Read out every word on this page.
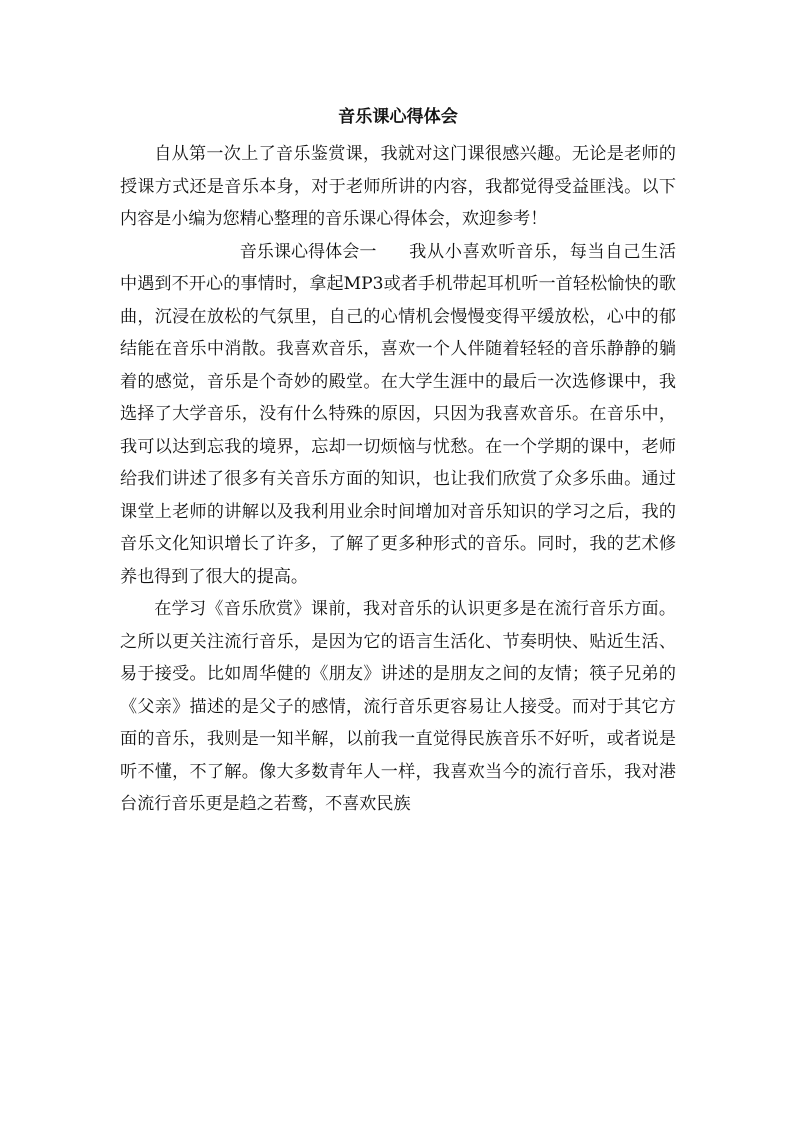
音乐课心得体会

自从第一次上了音乐鉴赏课，我就对这门课很感兴趣。无论是老师的授课方式还是音乐本身，对于老师所讲的内容，我都觉得受益匪浅。以下内容是小编为您精心整理的音乐课心得体会，欢迎参考！

音乐课心得体会一 我从小喜欢听音乐，每当自己生活中遇到不开心的事情时，拿起MP3或者手机带起耳机听一首轻松愉快的歌曲，沉浸在放松的气氛里，自己的心情机会慢慢变得平缓放松，心中的郁结能在音乐中消散。我喜欢音乐，喜欢一个人伴随着轻轻的音乐静静的躺着的感觉，音乐是个奇妙的殿堂。在大学生涯中的最后一次选修课中，我选择了大学音乐，没有什么特殊的原因，只因为我喜欢音乐。在音乐中，我可以达到忘我的境界，忘却一切烦恼与忧愁。在一个学期的课中，老师给我们讲述了很多有关音乐方面的知识，也让我们欣赏了众多乐曲。通过课堂上老师的讲解以及我利用业余时间增加对音乐知识的学习之后，我的音乐文化知识增长了许多，了解了更多种形式的音乐。同时，我的艺术修养也得到了很大的提高。

在学习《音乐欣赏》课前，我对音乐的认识更多是在流行音乐方面。之所以更关注流行音乐，是因为它的语言生活化、节奏明快、贴近生活、易于接受。比如周华健的《朋友》讲述的是朋友之间的友情；筷子兄弟的《父亲》描述的是父子的感情，流行音乐更容易让人接受。而对于其它方面的音乐，我则是一知半解，以前我一直觉得民族音乐不好听，或者说是听不懂，不了解。像大多数青年人一样，我喜欢当今的流行音乐，我对港台流行音乐更是趋之若鹜，不喜欢民族
